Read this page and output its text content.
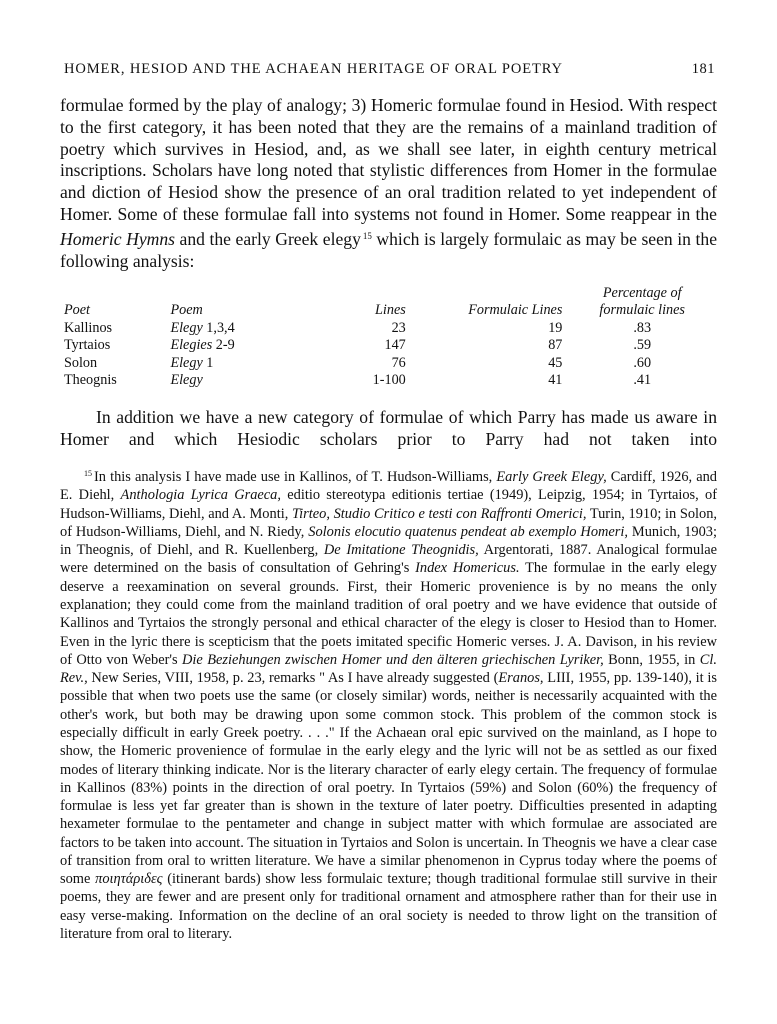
HOMER, HESIOD AND THE ACHAEAN HERITAGE OF ORAL POETRY	181

formulae formed by the play of analogy; 3) Homeric formulae found in Hesiod. With respect to the first category, it has been noted that they are the remains of a mainland tradition of poetry which survives in Hesiod, and, as we shall see later, in eighth century metrical inscriptions. Scholars have long noted that stylistic differences from Homer in the formulae and diction of Hesiod show the presence of an oral tradition related to yet independent of Homer. Some of these formulae fall into systems not found in Homer. Some reappear in the Homeric Hymns and the early Greek elegy $^{15}$ which is largely formulaic as may be seen in the following analysis:

				Percentage of
Poet	Poem	Lines	Formulaic Lines	formulaic lines
Kallinos	Elegy 1,3,4	23	19	.83
Tyrtaios	Elegies 2-9	147	87	.59
Solon	Elegy 1	76	45	.60
Theognis	Elegy	1-100	41	.41

In addition we have a new category of formulae of which Parry has made us aware in Homer and which Hesiodic scholars prior to Parry had not taken into

$^{15}$ In this analysis I have made use in Kallinos, of T. Hudson-Williams, Early Greek Elegy, Cardiff, 1926, and E. Diehl, Anthologia Lyrica Graeca, editio stereotypa editionis tertiae (1949), Leipzig, 1954; in Tyrtaios, of Hudson-Williams, Diehl, and A. Monti, Tirteo, Studio Critico e testi con Raffronti Omerici, Turin, 1910; in Solon, of Hudson-Williams, Diehl, and N. Riedy, Solonis elocutio quatenus pendeat ab exemplo Homeri, Munich, 1903; in Theognis, of Diehl, and R. Kuellenberg, De Imitatione Theognidis, Argentorati, 1887. Analogical formulae were determined on the basis of consultation of Gehring's Index Homericus. The formulae in the early elegy deserve a reexamination on several grounds. First, their Homeric provenience is by no means the only explanation; they could come from the mainland tradition of oral poetry and we have evidence that outside of Kallinos and Tyrtaios the strongly personal and ethical character of the elegy is closer to Hesiod than to Homer. Even in the lyric there is scepticism that the poets imitated specific Homeric verses. J. A. Davison, in his review of Otto von Weber's Die Beziehungen zwischen Homer und den älteren griechischen Lyriker, Bonn, 1955, in Cl. Rev., New Series, VIII, 1958, p. 23, remarks " As I have already suggested (Eranos, LIII, 1955, pp. 139-140), it is possible that when two poets use the same (or closely similar) words, neither is necessarily acquainted with the other's work, but both may be drawing upon some common stock. This problem of the common stock is especially difficult in early Greek poetry. . . ." If the Achaean oral epic survived on the mainland, as I hope to show, the Homeric provenience of formulae in the early elegy and the lyric will not be as settled as our fixed modes of literary thinking indicate. Nor is the literary character of early elegy certain. The frequency of formulae in Kallinos (83%) points in the direction of oral poetry. In Tyrtaios (59%) and Solon (60%) the frequency of formulae is less yet far greater than is shown in the texture of later poetry. Difficulties presented in adapting hexameter formulae to the pentameter and change in subject matter with which formulae are associated are factors to be taken into account. The situation in Tyrtaios and Solon is uncertain. In Theognis we have a clear case of transition from oral to written literature. We have a similar phenomenon in Cyprus today where the poems of some ποιητάριδες (itinerant bards) show less formulaic texture; though traditional formulae still survive in their poems, they are fewer and are present only for traditional ornament and atmosphere rather than for their use in easy verse-making. Information on the decline of an oral society is needed to throw light on the transition of literature from oral to literary.
